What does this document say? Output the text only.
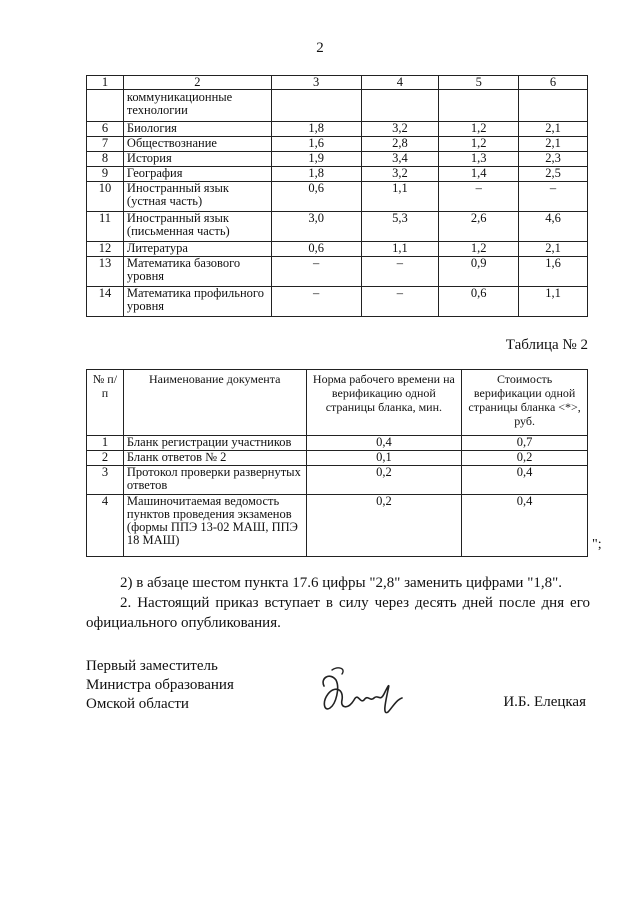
2
1	2	3	4	5	6
	коммуникационные технологии				
6	Биология	1,8	3,2	1,2	2,1
7	Обществознание	1,6	2,8	1,2	2,1
8	История	1,9	3,4	1,3	2,3
9	География	1,8	3,2	1,4	2,5
10	Иностранный язык (устная часть)	0,6	1,1	–	–
11	Иностранный язык (письменная часть)	3,0	5,3	2,6	4,6
12	Литература	0,6	1,1	1,2	2,1
13	Математика базового уровня	–	–	0,9	1,6
14	Математика профильного уровня	–	–	0,6	1,1
Таблица № 2
№ п/п	Наименование документа	Норма рабочего времени на верификацию одной страницы бланка, мин.	Стоимость верификации одной страницы бланка <*>, руб.
1	Бланк регистрации участников	0,4	0,7
2	Бланк ответов № 2	0,1	0,2
3	Протокол проверки развернутых ответов	0,2	0,4
4	Машиночитаемая ведомость пунктов проведения экзаменов (формы ППЭ 13-02 МАШ, ППЭ 18 МАШ)	0,2	0,4
";
2) в абзаце шестом пункта 17.6 цифры "2,8" заменить цифрами "1,8".
2. Настоящий приказ вступает в силу через десять дней после дня его официального опубликования.
Первый заместитель
Министра образования
Омской области	И.Б. Елецкая
